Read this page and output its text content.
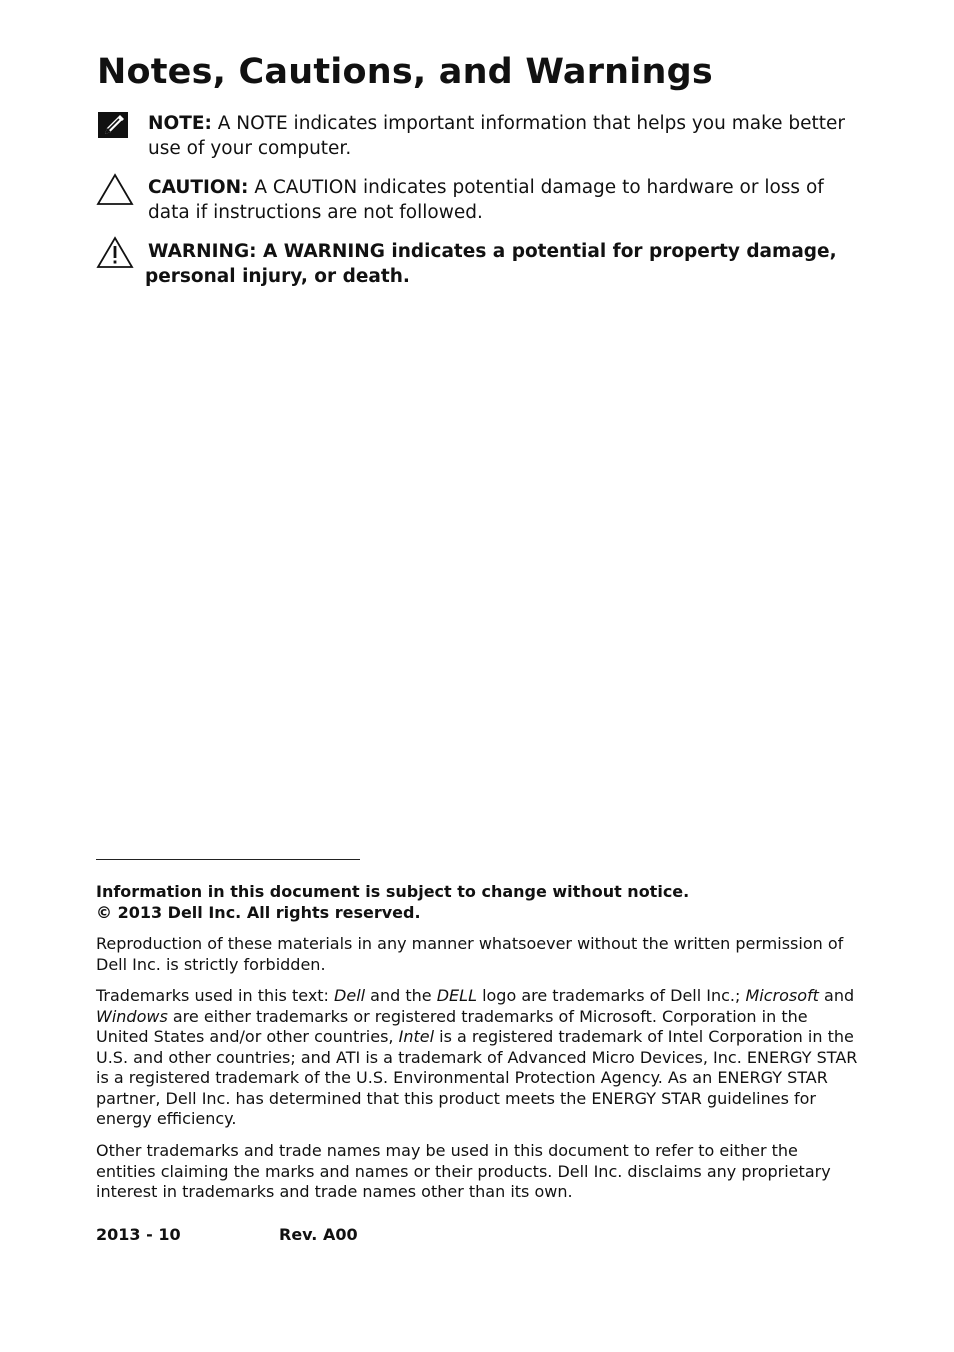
Notes, Cautions, and Warnings
NOTE: A NOTE indicates important information that helps you make better use of your computer.
CAUTION: A CAUTION indicates potential damage to hardware or loss of data if instructions are not followed.
WARNING: A WARNING indicates a potential for property damage,
personal injury, or death.
Information in this document is subject to change without notice.
© 2013 Dell Inc. All rights reserved.
Reproduction of these materials in any manner whatsoever without the written permission of Dell Inc. is strictly forbidden.
Trademarks used in this text: Dell and the DELL logo are trademarks of Dell Inc.; Microsoft and Windows are either trademarks or registered trademarks of Microsoft. Corporation in the United States and/or other countries, Intel is a registered trademark of Intel Corporation in the U.S. and other countries; and ATI is a trademark of Advanced Micro Devices, Inc. ENERGY STAR is a registered trademark of the U.S. Environmental Protection Agency. As an ENERGY STAR partner, Dell Inc. has determined that this product meets the ENERGY STAR guidelines for energy efficiency.
Other trademarks and trade names may be used in this document to refer to either the entities claiming the marks and names or their products. Dell Inc. disclaims any proprietary interest in trademarks and trade names other than its own.
2013 - 10	Rev. A00
